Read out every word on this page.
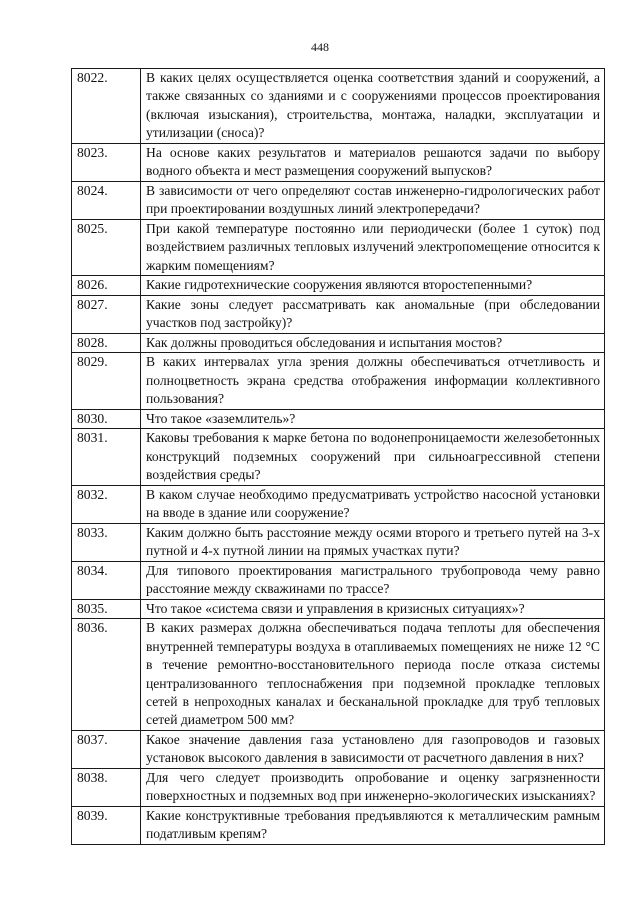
448
8022.	В каких целях осуществляется оценка соответствия зданий и сооружений, а также связанных со зданиями и с сооружениями процессов проектирования (включая изыскания), строительства, монтажа, наладки, эксплуатации и утилизации (сноса)?
8023.	На основе каких результатов и материалов решаются задачи по выбору водного объекта и мест размещения сооружений выпусков?
8024.	В зависимости от чего определяют состав инженерно-гидрологических работ при проектировании воздушных линий электропередачи?
8025.	При какой температуре постоянно или периодически (более 1 суток) под воздействием различных тепловых излучений электропомещение относится к жарким помещениям?
8026.	Какие гидротехнические сооружения являются второстепенными?
8027.	Какие зоны следует рассматривать как аномальные (при обследовании участков под застройку)?
8028.	Как должны проводиться обследования и испытания мостов?
8029.	В каких интервалах угла зрения должны обеспечиваться отчетливость и полноцветность экрана средства отображения информации коллективного пользования?
8030.	Что такое «заземлитель»?
8031.	Каковы требования к марке бетона по водонепроницаемости железобетонных конструкций подземных сооружений при сильноагрессивной степени воздействия среды?
8032.	В каком случае необходимо предусматривать устройство насосной установки на вводе в здание или сооружение?
8033.	Каким должно быть расстояние между осями второго и третьего путей на 3-х путной и 4-х путной линии на прямых участках пути?
8034.	Для типового проектирования магистрального трубопровода чему равно расстояние между скважинами по трассе?
8035.	Что такое «система связи и управления в кризисных ситуациях»?
8036.	В каких размерах должна обеспечиваться подача теплоты для обеспечения внутренней температуры воздуха в отапливаемых помещениях не ниже 12 °С в течение ремонтно-восстановительного периода после отказа системы централизованного теплоснабжения при подземной прокладке тепловых сетей в непроходных каналах и бесканальной прокладке для труб тепловых сетей диаметром 500 мм?
8037.	Какое значение давления газа установлено для газопроводов и газовых установок высокого давления в зависимости от расчетного давления в них?
8038.	Для чего следует производить опробование и оценку загрязненности поверхностных и подземных вод при инженерно-экологических изысканиях?
8039.	Какие конструктивные требования предъявляются к металлическим рамным податливым крепям?
